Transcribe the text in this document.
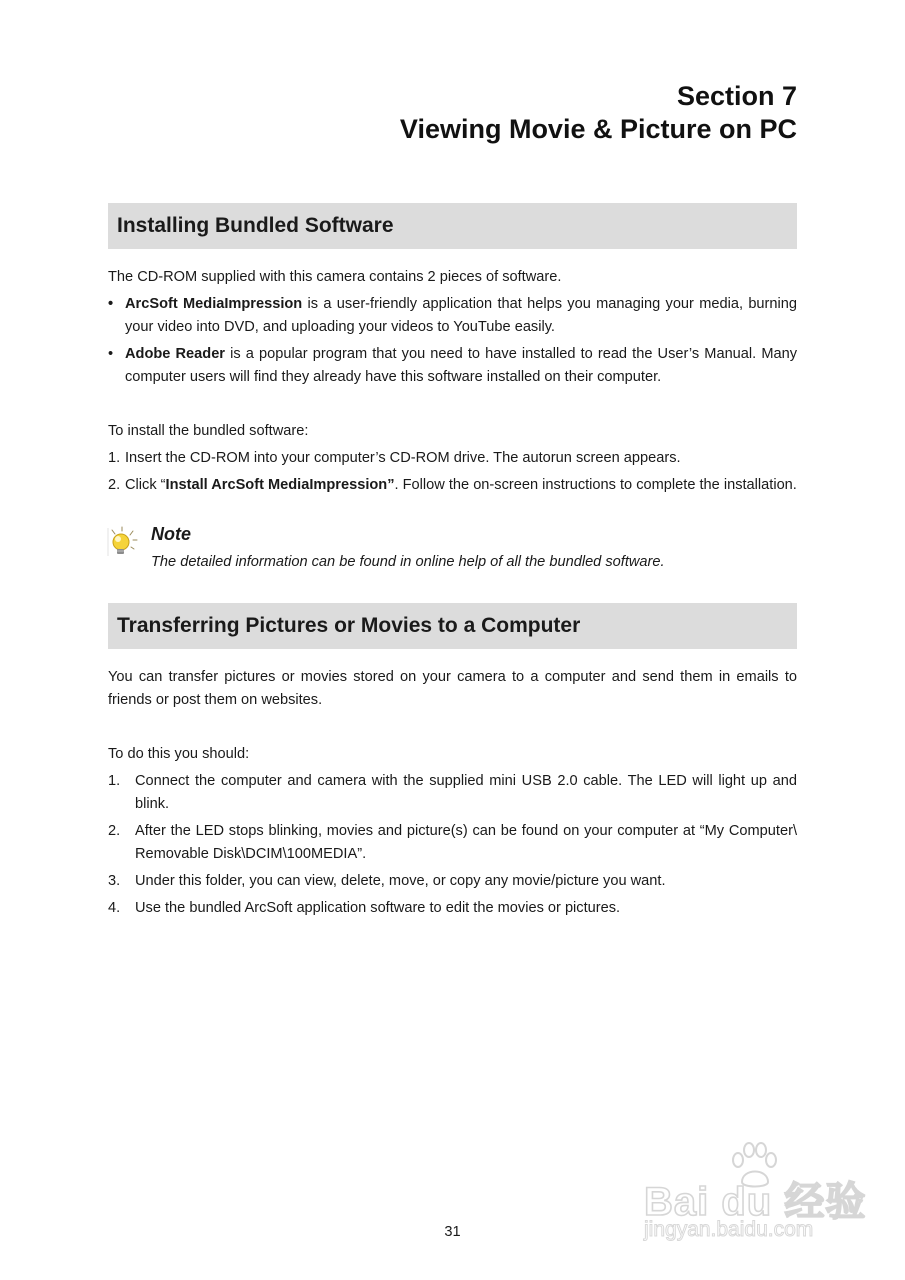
Section 7
Viewing Movie & Picture on PC
Installing Bundled Software
The CD-ROM supplied with this camera contains 2 pieces of software.
• ArcSoft MediaImpression is a user-friendly application that helps you managing your media, burning your video into DVD, and uploading your videos to YouTube easily.
• Adobe Reader is a popular program that you need to have installed to read the User’s Manual. Many computer users will find they already have this software installed on their computer.
To install the bundled software:
1. Insert the CD-ROM into your computer’s CD-ROM drive. The autorun screen appears.
2. Click “Install ArcSoft MediaImpression”. Follow the on-screen instructions to complete the installation.
Note
The detailed information can be found in online help of all the bundled software.
Transferring Pictures or Movies to a Computer
You can transfer pictures or movies stored on your camera to a computer and send them in emails to friends or post them on websites.
To do this you should:
1. Connect the computer and camera with the supplied mini USB 2.0 cable. The LED will light up and blink.
2. After the LED stops blinking, movies and picture(s) can be found on your computer at “My Computer\ Removable Disk\DCIM\100MEDIA”.
3. Under this folder, you can view, delete, move, or copy any movie/picture you want.
4. Use the bundled ArcSoft application software to edit the movies or pictures.
31
Bai du 经验
jingyan.baidu.com
